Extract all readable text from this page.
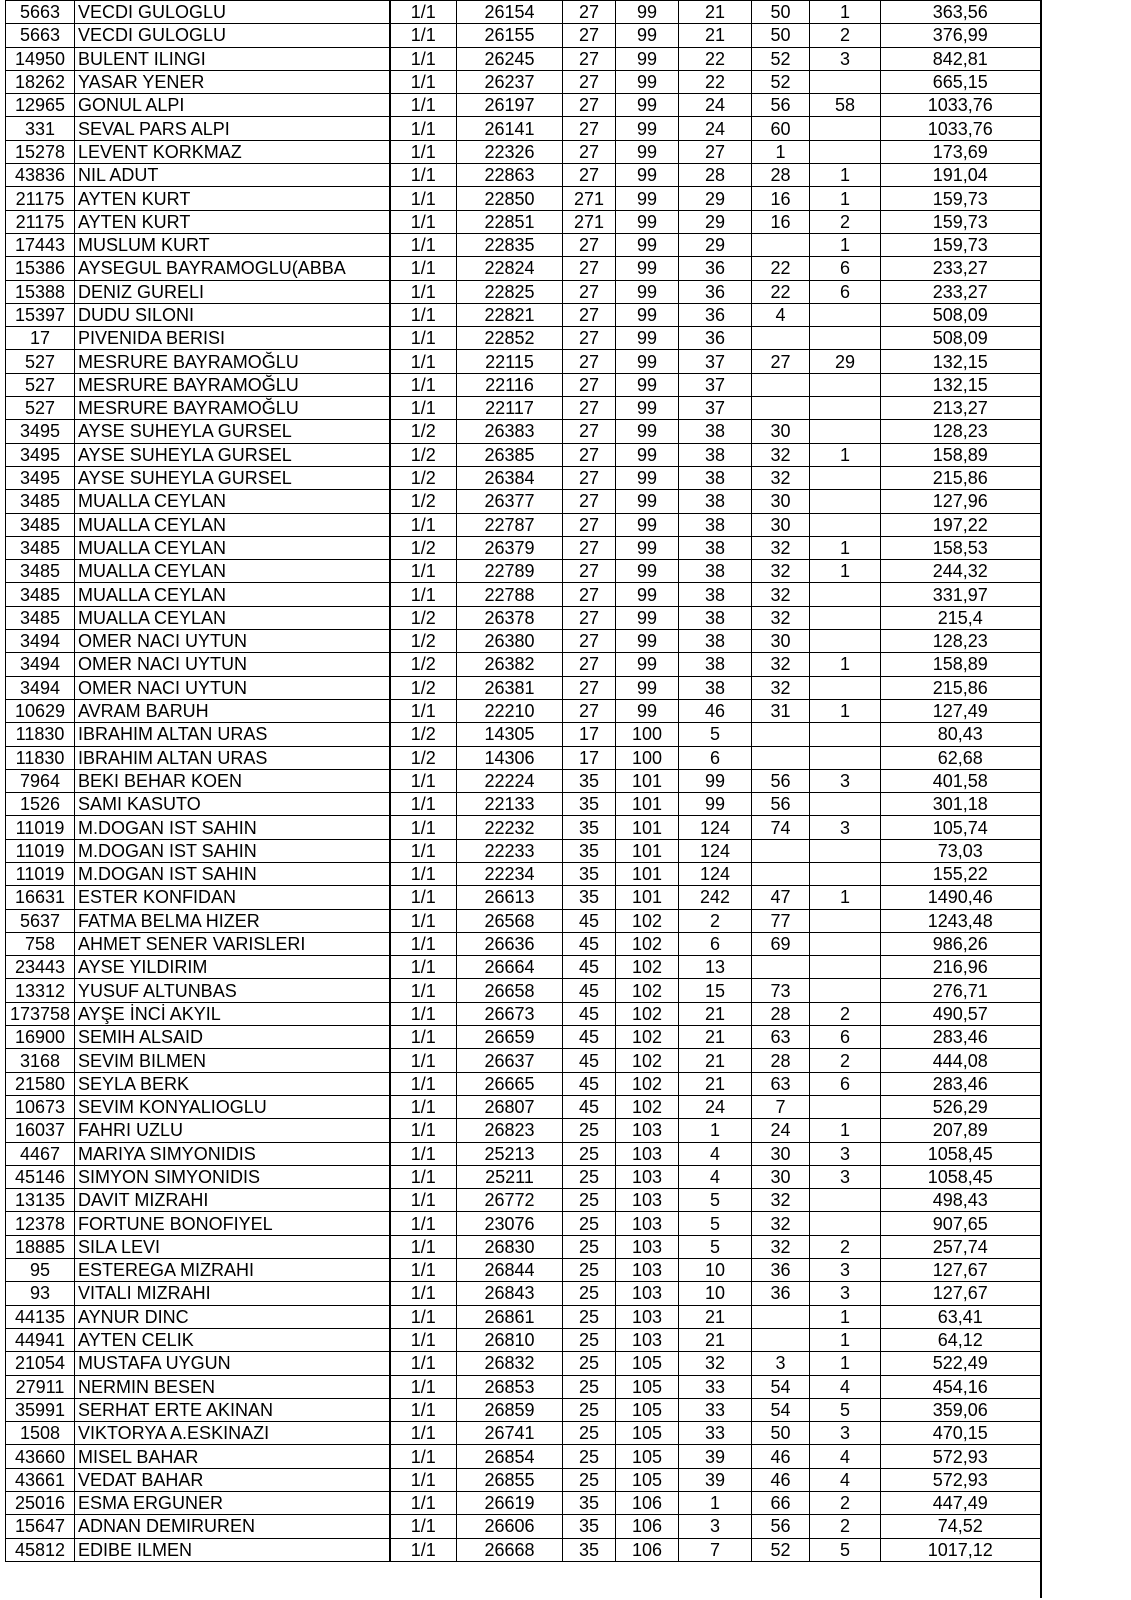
5663	VECDI GULOGLU	1/1	26154	27	99	21	50	1	363,56
5663	VECDI GULOGLU	1/1	26155	27	99	21	50	2	376,99
14950	BULENT ILINGI	1/1	26245	27	99	22	52	3	842,81
18262	YASAR YENER	1/1	26237	27	99	22	52		665,15
12965	GONUL ALPI	1/1	26197	27	99	24	56	58	1033,76
331	SEVAL PARS ALPI	1/1	26141	27	99	24	60		1033,76
15278	LEVENT KORKMAZ	1/1	22326	27	99	27	1		173,69
43836	NIL ADUT	1/1	22863	27	99	28	28	1	191,04
21175	AYTEN KURT	1/1	22850	271	99	29	16	1	159,73
21175	AYTEN KURT	1/1	22851	271	99	29	16	2	159,73
17443	MUSLUM KURT	1/1	22835	27	99	29		1	159,73
15386	AYSEGUL BAYRAMOGLU(ABBA	1/1	22824	27	99	36	22	6	233,27
15388	DENIZ GURELI	1/1	22825	27	99	36	22	6	233,27
15397	DUDU SILONI	1/1	22821	27	99	36	4		508,09
17	PIVENIDA BERISI	1/1	22852	27	99	36			508,09
527	MESRURE BAYRAMOĞLU	1/1	22115	27	99	37	27	29	132,15
527	MESRURE BAYRAMOĞLU	1/1	22116	27	99	37			132,15
527	MESRURE BAYRAMOĞLU	1/1	22117	27	99	37			213,27
3495	AYSE SUHEYLA GURSEL	1/2	26383	27	99	38	30		128,23
3495	AYSE SUHEYLA GURSEL	1/2	26385	27	99	38	32	1	158,89
3495	AYSE SUHEYLA GURSEL	1/2	26384	27	99	38	32		215,86
3485	MUALLA CEYLAN	1/2	26377	27	99	38	30		127,96
3485	MUALLA CEYLAN	1/1	22787	27	99	38	30		197,22
3485	MUALLA CEYLAN	1/2	26379	27	99	38	32	1	158,53
3485	MUALLA CEYLAN	1/1	22789	27	99	38	32	1	244,32
3485	MUALLA CEYLAN	1/1	22788	27	99	38	32		331,97
3485	MUALLA CEYLAN	1/2	26378	27	99	38	32		215,4
3494	OMER NACI UYTUN	1/2	26380	27	99	38	30		128,23
3494	OMER NACI UYTUN	1/2	26382	27	99	38	32	1	158,89
3494	OMER NACI UYTUN	1/2	26381	27	99	38	32		215,86
10629	AVRAM BARUH	1/1	22210	27	99	46	31	1	127,49
11830	IBRAHIM ALTAN URAS	1/2	14305	17	100	5			80,43
11830	IBRAHIM ALTAN URAS	1/2	14306	17	100	6			62,68
7964	BEKI BEHAR KOEN	1/1	22224	35	101	99	56	3	401,58
1526	SAMI KASUTO	1/1	22133	35	101	99	56		301,18
11019	M.DOGAN IST SAHIN	1/1	22232	35	101	124	74	3	105,74
11019	M.DOGAN IST SAHIN	1/1	22233	35	101	124			73,03
11019	M.DOGAN IST SAHIN	1/1	22234	35	101	124			155,22
16631	ESTER KONFIDAN	1/1	26613	35	101	242	47	1	1490,46
5637	FATMA BELMA HIZER	1/1	26568	45	102	2	77		1243,48
758	AHMET SENER VARISLERI	1/1	26636	45	102	6	69		986,26
23443	AYSE YILDIRIM	1/1	26664	45	102	13			216,96
13312	YUSUF ALTUNBAS	1/1	26658	45	102	15	73		276,71
173758	AYŞE İNCİ AKYIL	1/1	26673	45	102	21	28	2	490,57
16900	SEMIH ALSAID	1/1	26659	45	102	21	63	6	283,46
3168	SEVIM BILMEN	1/1	26637	45	102	21	28	2	444,08
21580	SEYLA BERK	1/1	26665	45	102	21	63	6	283,46
10673	SEVIM KONYALIOGLU	1/1	26807	45	102	24	7		526,29
16037	FAHRI UZLU	1/1	26823	25	103	1	24	1	207,89
4467	MARIYA SIMYONIDIS	1/1	25213	25	103	4	30	3	1058,45
45146	SIMYON SIMYONIDIS	1/1	25211	25	103	4	30	3	1058,45
13135	DAVIT MIZRAHI	1/1	26772	25	103	5	32		498,43
12378	FORTUNE BONOFIYEL	1/1	23076	25	103	5	32		907,65
18885	SILA LEVI	1/1	26830	25	103	5	32	2	257,74
95	ESTEREGA MIZRAHI	1/1	26844	25	103	10	36	3	127,67
93	VITALI MIZRAHI	1/1	26843	25	103	10	36	3	127,67
44135	AYNUR DINC	1/1	26861	25	103	21		1	63,41
44941	AYTEN CELIK	1/1	26810	25	103	21		1	64,12
21054	MUSTAFA UYGUN	1/1	26832	25	105	32	3	1	522,49
27911	NERMIN BESEN	1/1	26853	25	105	33	54	4	454,16
35991	SERHAT ERTE AKINAN	1/1	26859	25	105	33	54	5	359,06
1508	VIKTORYA A.ESKINAZI	1/1	26741	25	105	33	50	3	470,15
43660	MISEL BAHAR	1/1	26854	25	105	39	46	4	572,93
43661	VEDAT BAHAR	1/1	26855	25	105	39	46	4	572,93
25016	ESMA ERGUNER	1/1	26619	35	106	1	66	2	447,49
15647	ADNAN DEMIRUREN	1/1	26606	35	106	3	56	2	74,52
45812	EDIBE ILMEN	1/1	26668	35	106	7	52	5	1017,12
